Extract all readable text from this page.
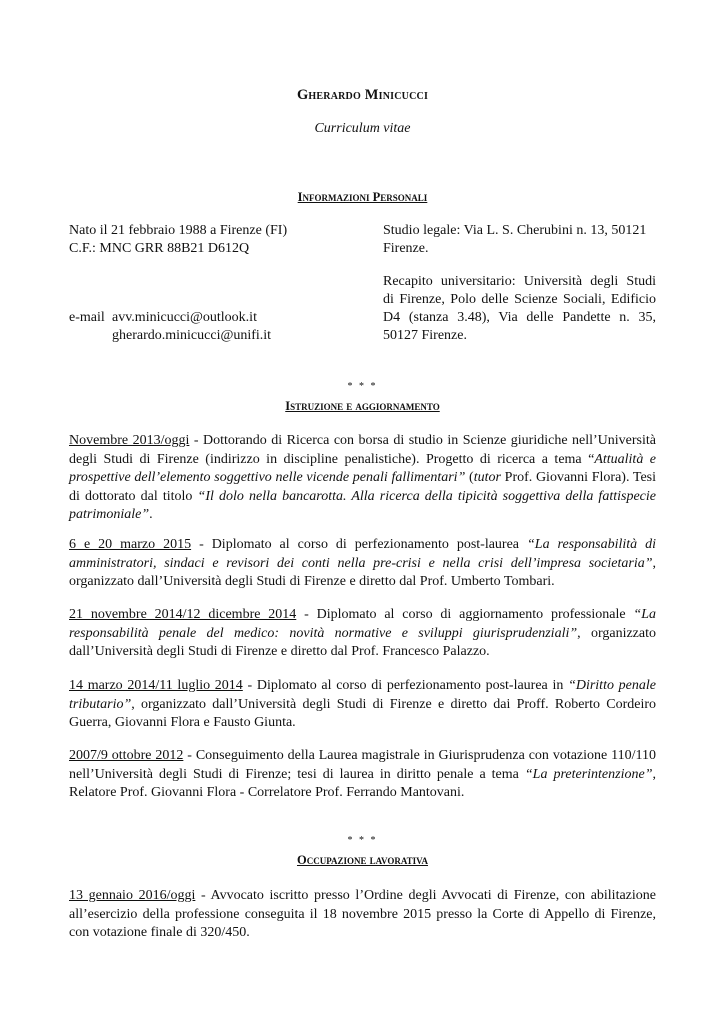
Gherardo Minicucci
Curriculum vitae
Informazioni Personali
Nato il 21 febbraio 1988 a Firenze (FI)
C.F.: MNC GRR 88B21 D612Q
e-mail avv.minicucci@outlook.it
gherardo.minicucci@unifi.it
Studio legale: Via L. S. Cherubini n. 13, 50121
Firenze.
Recapito universitario: Università degli Studi
di Firenze, Polo delle Scienze Sociali, Edificio
D4 (stanza 3.48), Via delle Pandette n. 35,
50127 Firenze.
* * *
Istruzione e aggiornamento
Novembre 2013/oggi - Dottorando di Ricerca con borsa di studio in Scienze giuridiche nell’Università degli Studi di Firenze (indirizzo in discipline penalistiche). Progetto di ricerca a tema “Attualità e prospettive dell’elemento soggettivo nelle vicende penali fallimentari” (tutor Prof. Giovanni Flora). Tesi di dottorato dal titolo “Il dolo nella bancarotta. Alla ricerca della tipicità soggettiva della fattispecie patrimoniale”.
6 e 20 marzo 2015 - Diplomato al corso di perfezionamento post-laurea “La responsabilità di amministratori, sindaci e revisori dei conti nella pre-crisi e nella crisi dell’impresa societaria”, organizzato dall’Università degli Studi di Firenze e diretto dal Prof. Umberto Tombari.
21 novembre 2014/12 dicembre 2014 - Diplomato al corso di aggiornamento professionale “La responsabilità penale del medico: novità normative e sviluppi giurisprudenziali”, organizzato dall’Università degli Studi di Firenze e diretto dal Prof. Francesco Palazzo.
14 marzo 2014/11 luglio 2014 - Diplomato al corso di perfezionamento post-laurea in “Diritto penale tributario”, organizzato dall’Università degli Studi di Firenze e diretto dai Proff. Roberto Cordeiro Guerra, Giovanni Flora e Fausto Giunta.
2007/9 ottobre 2012 - Conseguimento della Laurea magistrale in Giurisprudenza con votazione 110/110 nell’Università degli Studi di Firenze; tesi di laurea in diritto penale a tema “La preterintenzione”, Relatore Prof. Giovanni Flora - Correlatore Prof. Ferrando Mantovani.
* * *
Occupazione lavorativa
13 gennaio 2016/oggi - Avvocato iscritto presso l’Ordine degli Avvocati di Firenze, con abilitazione all’esercizio della professione conseguita il 18 novembre 2015 presso la Corte di Appello di Firenze, con votazione finale di 320/450.
